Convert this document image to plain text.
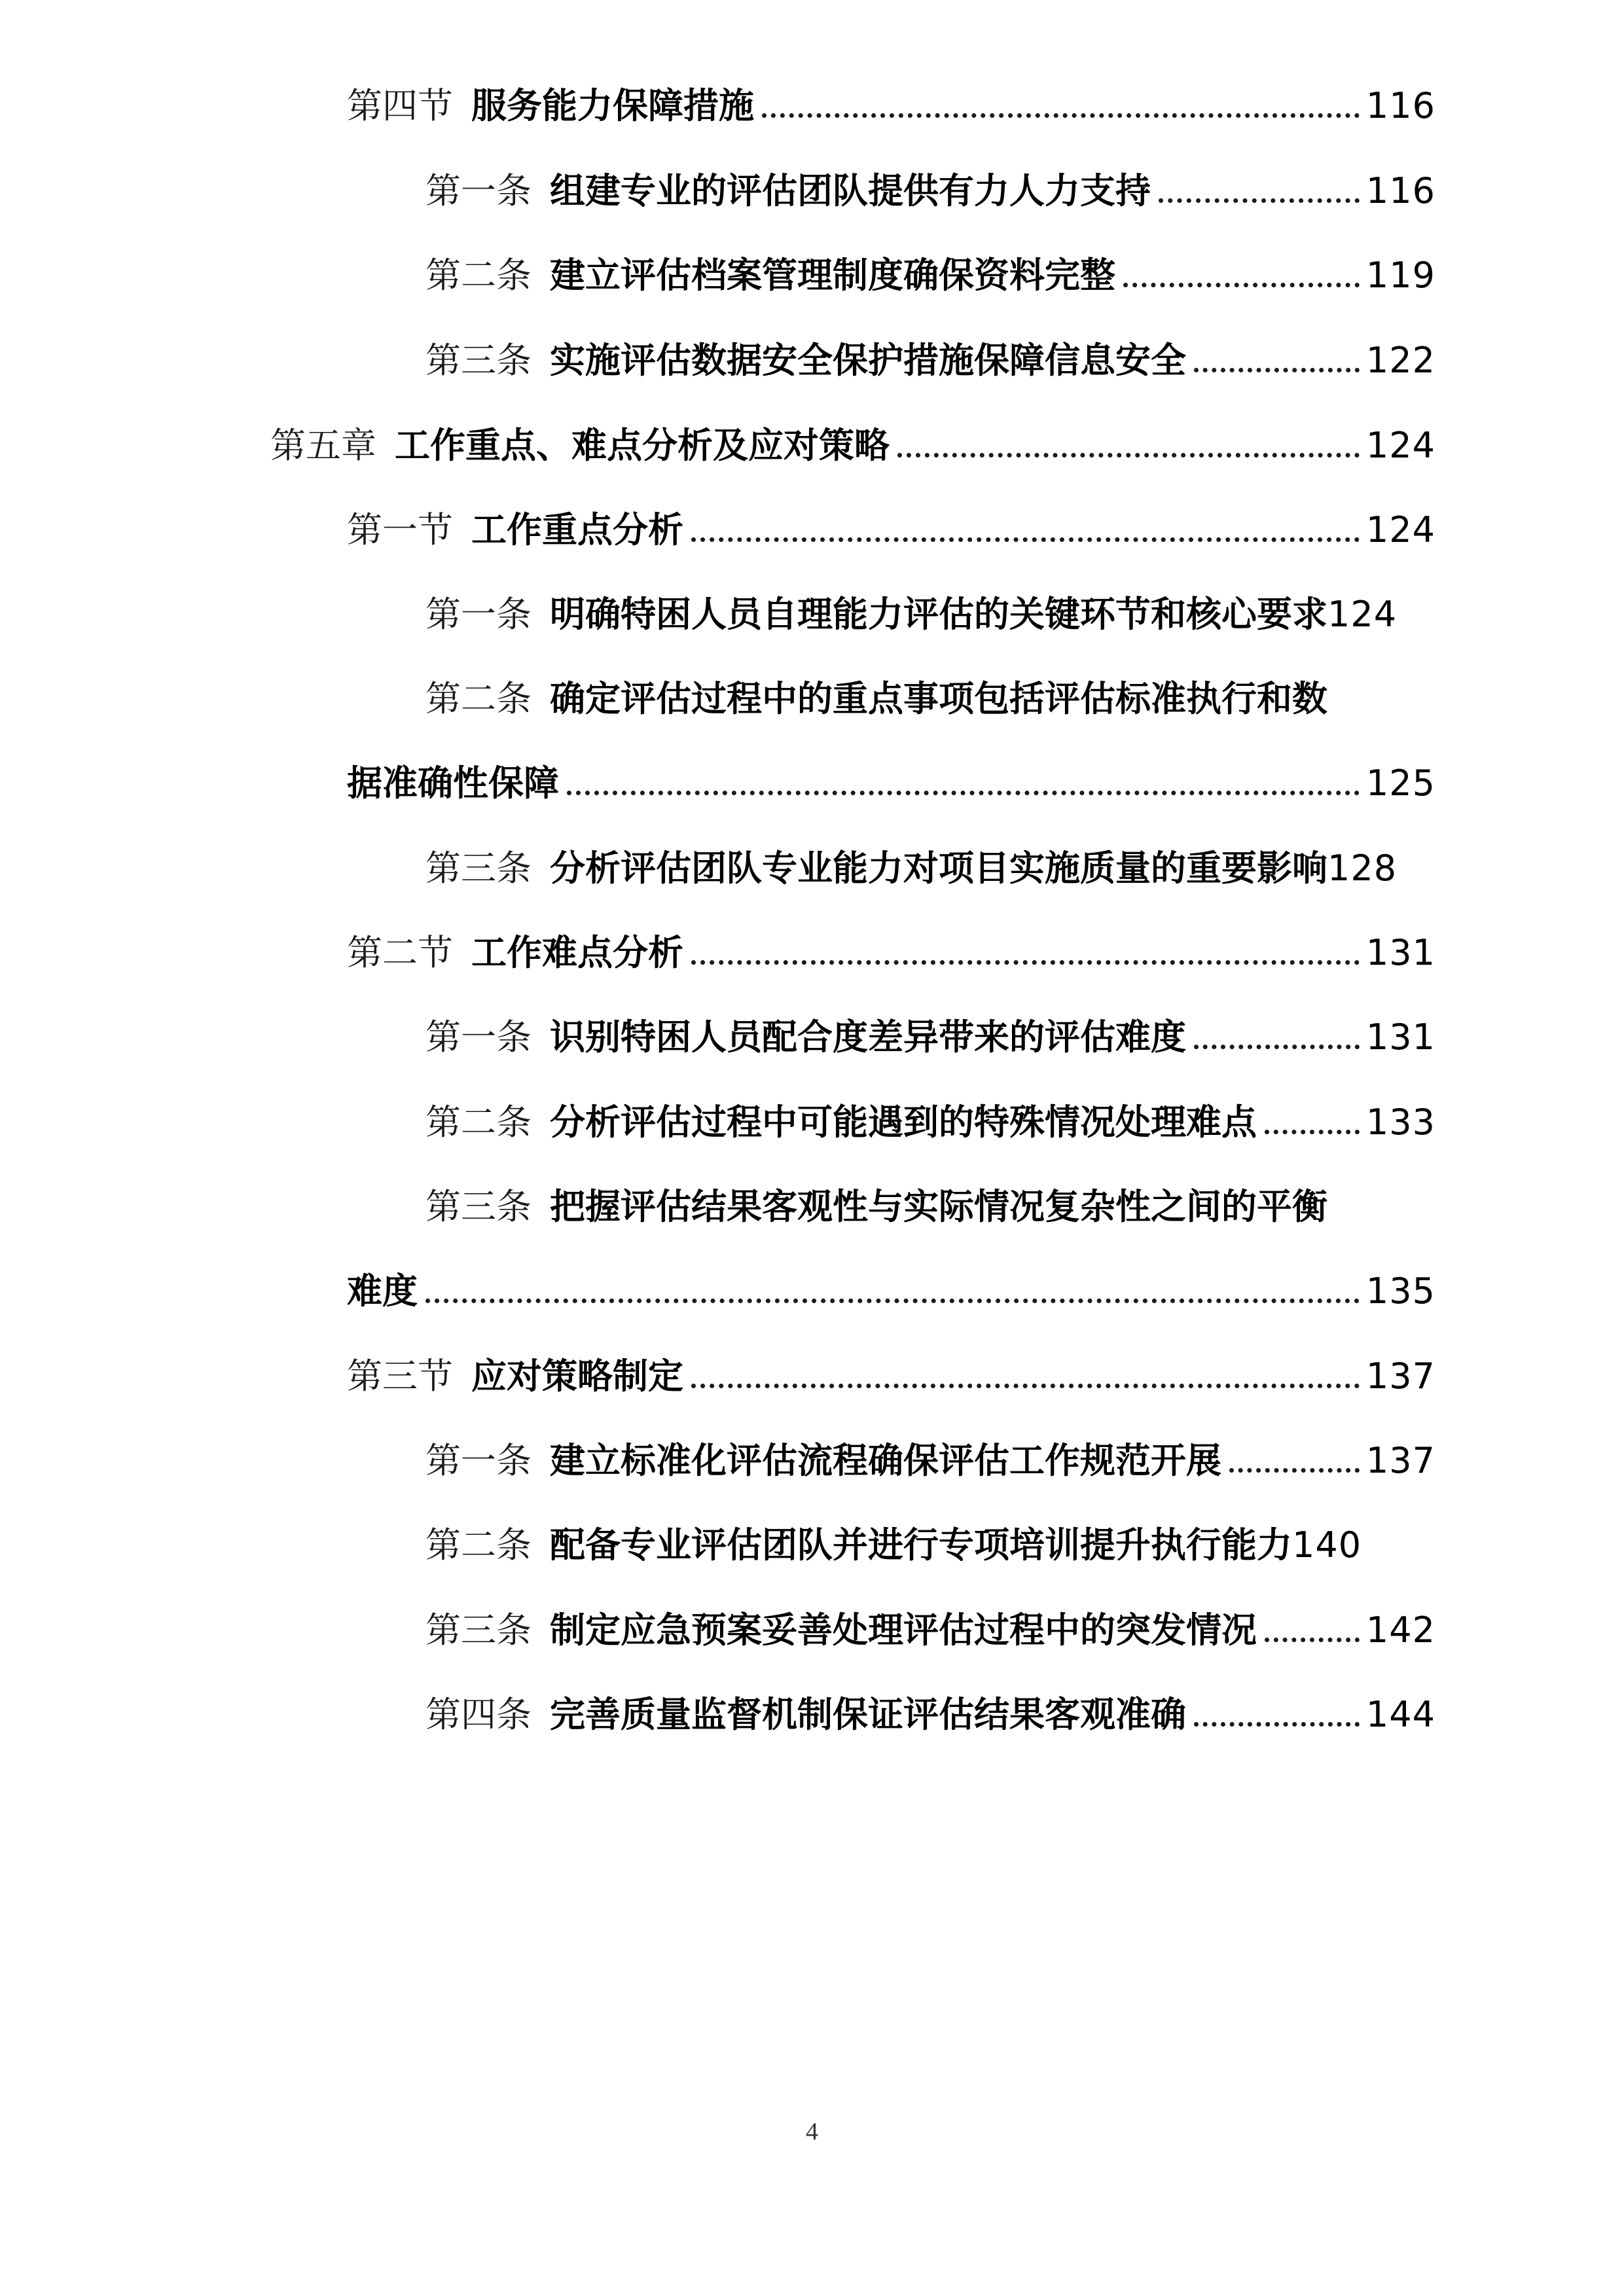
第四节 服务能力保障措施	116
第一条 组建专业的评估团队提供有力人力支持	116
第二条 建立评估档案管理制度确保资料完整	119
第三条 实施评估数据安全保护措施保障信息安全	122
第五章 工作重点、难点分析及应对策略	124
第一节 工作重点分析	124
第一条 明确特困人员自理能力评估的关键环节和核心要求 124
第二条 确定评估过程中的重点事项包括评估标准执行和数
据准确性保障	125
第三条 分析评估团队专业能力对项目实施质量的重要影响 128
第二节 工作难点分析	131
第一条 识别特困人员配合度差异带来的评估难度	131
第二条 分析评估过程中可能遇到的特殊情况处理难点	133
第三条 把握评估结果客观性与实际情况复杂性之间的平衡
难度	135
第三节 应对策略制定	137
第一条 建立标准化评估流程确保评估工作规范开展	137
第二条 配备专业评估团队并进行专项培训提升执行能力 140
第三条 制定应急预案妥善处理评估过程中的突发情况	142
第四条 完善质量监督机制保证评估结果客观准确	144
4
